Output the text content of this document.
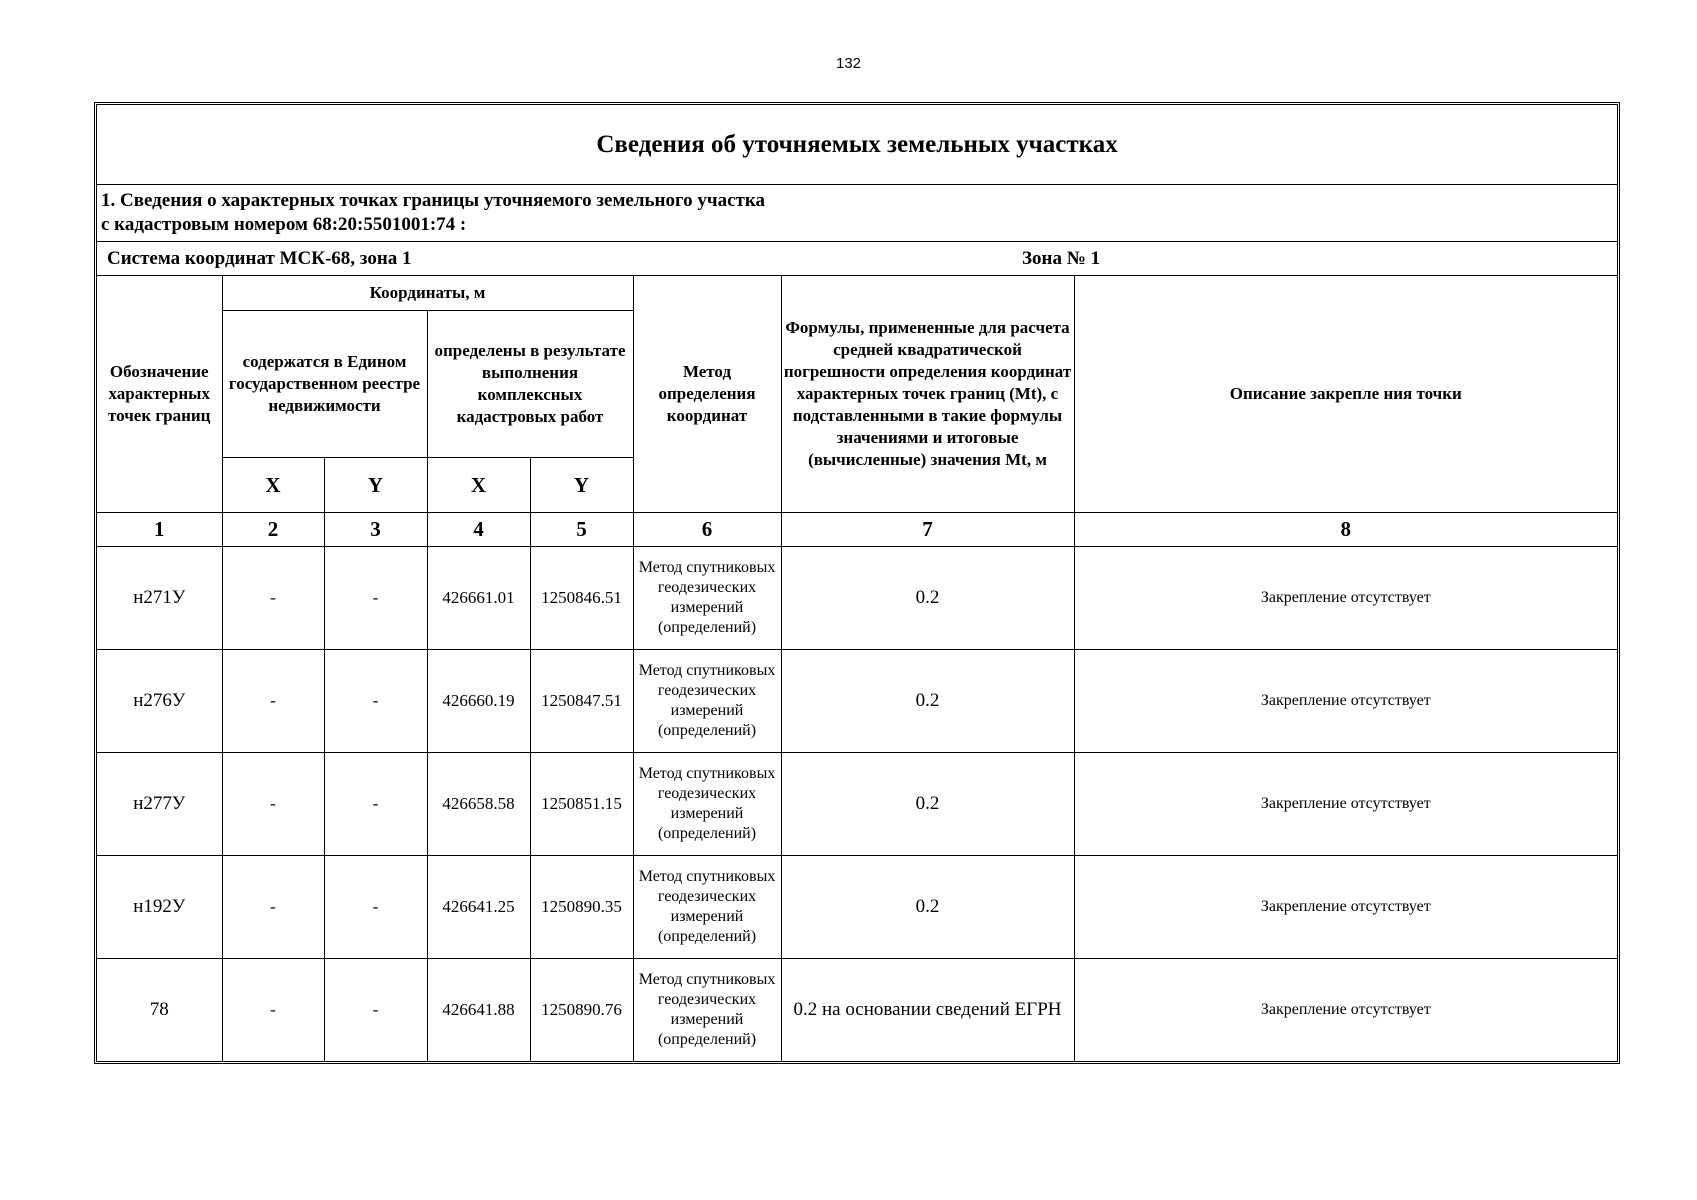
132
Сведения об уточняемых земельных участках							

1. Сведения о характерных точках границы уточняемого земельного участка
с кадастровым номером 68:20:5501001:74 :							

Система координат МСК-68, зона 1 Зона № 1							

Обозначение характерных точек границ	Координаты, м				Метод определения координат	Формулы, примененные для расчета средней квадратической погрешности определения координат характерных точек границ (Mt), с подставленными в такие формулы значениями и итоговые (вычисленные) значения Mt, м	Описание закрепле ния точки
	содержатся в Едином государственном реестре недвижимости		определены в результате выполнения комплексных кадастровых работ				
	X	Y	X	Y			
1	2	3	4	5	6	7	8
н271У	-	-	426661.01	1250846.51	Метод спутниковых геодезических измерений (определений)	0.2	Закрепление отсутствует
н276У	-	-	426660.19	1250847.51	Метод спутниковых геодезических измерений (определений)	0.2	Закрепление отсутствует
н277У	-	-	426658.58	1250851.15	Метод спутниковых геодезических измерений (определений)	0.2	Закрепление отсутствует
н192У	-	-	426641.25	1250890.35	Метод спутниковых геодезических измерений (определений)	0.2	Закрепление отсутствует
78	-	-	426641.88	1250890.76	Метод спутниковых геодезических измерений (определений)	0.2 на основании сведений ЕГРН	Закрепление отсутствует
